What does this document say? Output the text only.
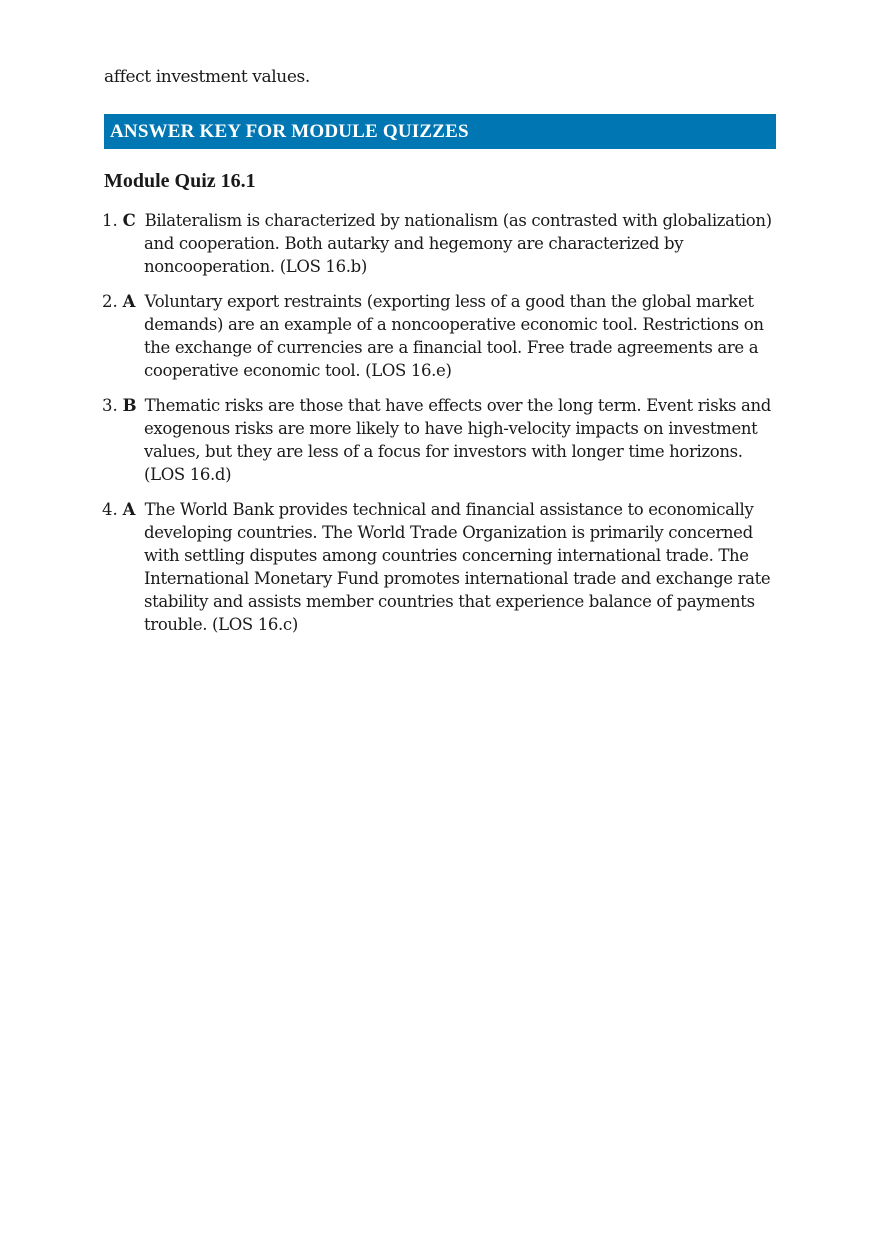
affect investment values.
ANSWER KEY FOR MODULE QUIZZES
Module Quiz 16.1
1. C Bilateralism is characterized by nationalism (as contrasted with globalization) and cooperation. Both autarky and hegemony are characterized by noncooperation. (LOS 16.b)
2. A Voluntary export restraints (exporting less of a good than the global market demands) are an example of a noncooperative economic tool. Restrictions on the exchange of currencies are a financial tool. Free trade agreements are a cooperative economic tool. (LOS 16.e)
3. B Thematic risks are those that have effects over the long term. Event risks and exogenous risks are more likely to have high-velocity impacts on investment values, but they are less of a focus for investors with longer time horizons. (LOS 16.d)
4. A The World Bank provides technical and financial assistance to economically developing countries. The World Trade Organization is primarily concerned with settling disputes among countries concerning international trade. The International Monetary Fund promotes international trade and exchange rate stability and assists member countries that experience balance of payments trouble. (LOS 16.c)
